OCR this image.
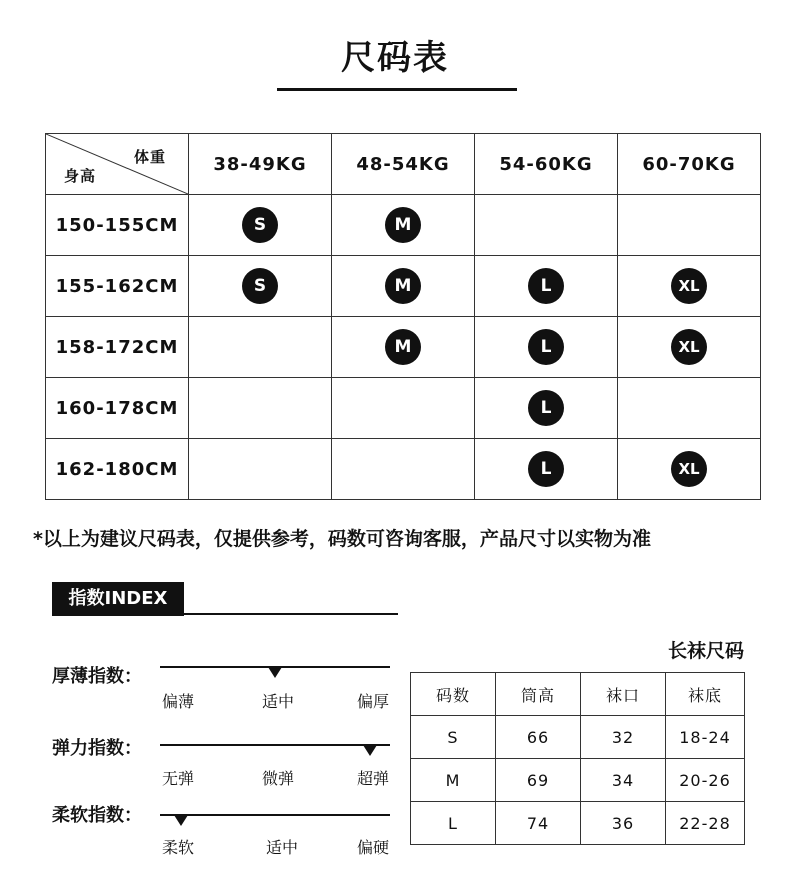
尺码表
体重
身高	38-49KG	48-54KG	54-60KG	60-70KG
150-155CM	S	M		
155-162CM	S	M	L	XL
158-172CM		M	L	XL
160-178CM			L	
162-180CM			L	XL
*以上为建议尺码表，仅提供参考，码数可咨询客服，产品尺寸以实物为准
指数INDEX
长袜尺码
厚薄指数：
偏薄	适中	偏厚
弹力指数：
无弹	微弹	超弹
柔软指数：
柔软	适中	偏硬
码数	筒高	袜口	袜底
S	66	32	18-24
M	69	34	20-26
L	74	36	22-28
